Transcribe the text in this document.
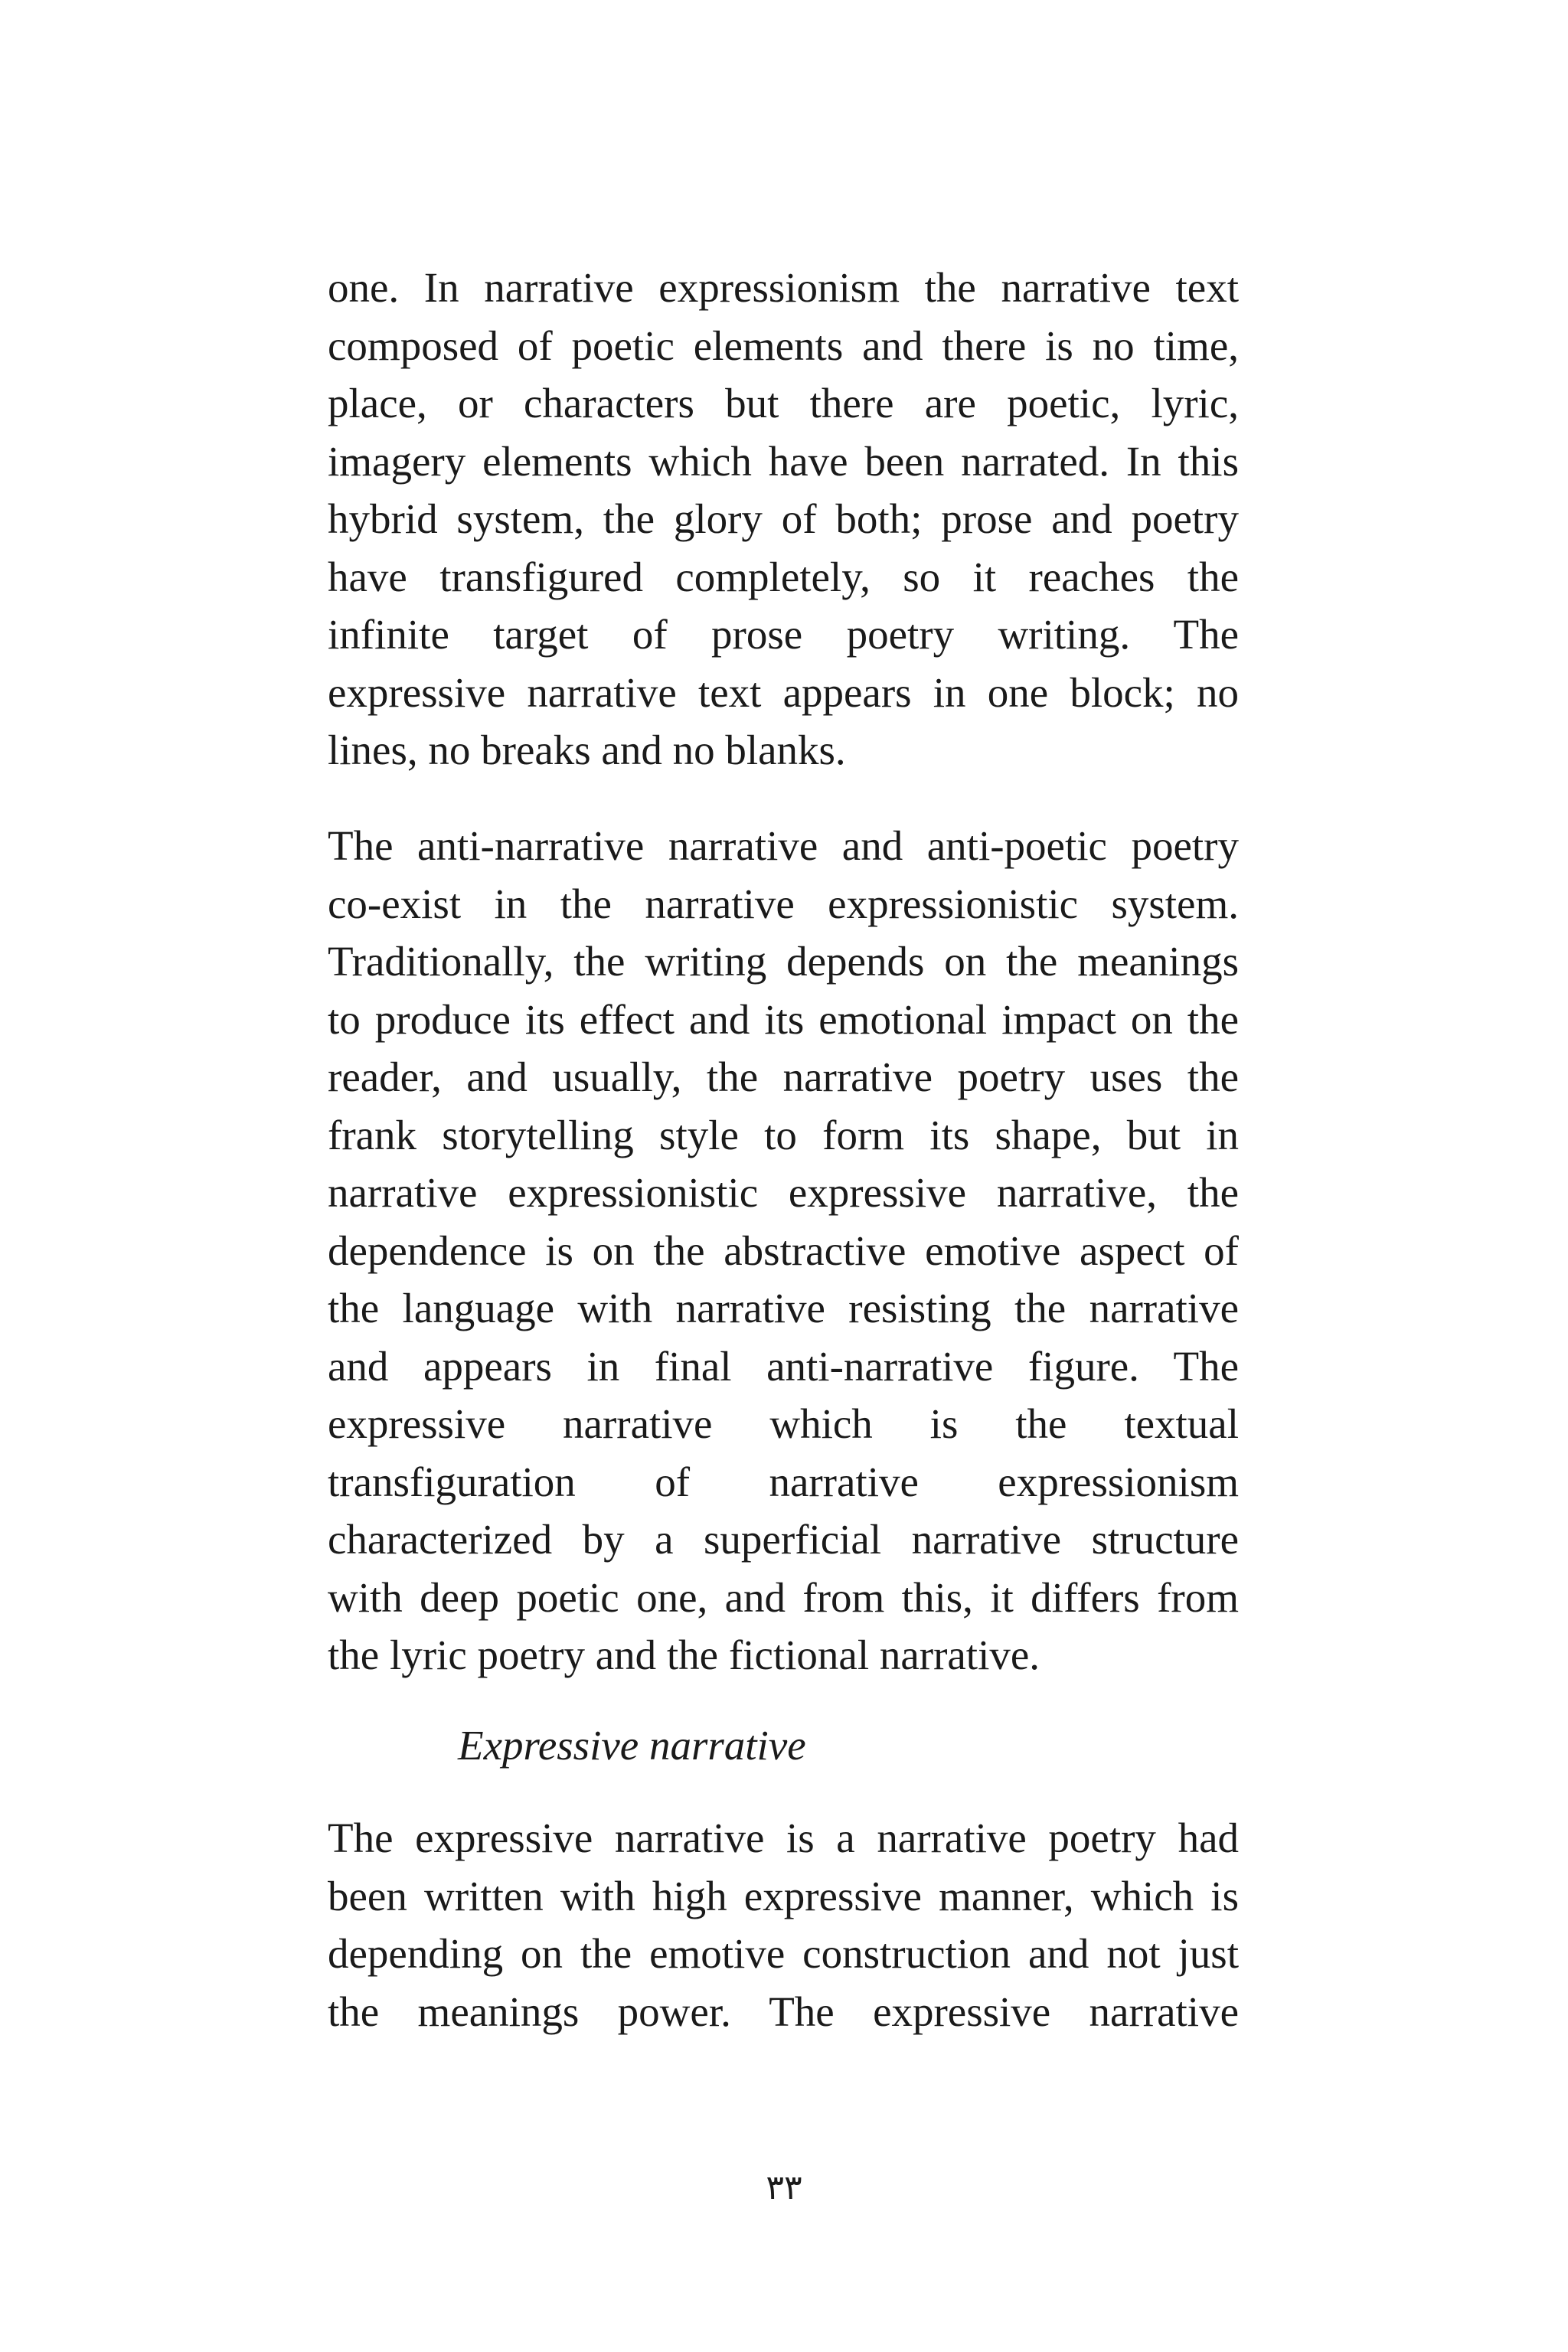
one. In narrative expressionism the narrative text
composed of poetic elements and there is no time,
place, or characters but there are poetic, lyric,
imagery elements which have been narrated. In this
hybrid system, the glory of both; prose and poetry
have transfigured completely, so it reaches the
infinite target of prose poetry writing. The
expressive narrative text appears in one block; no
lines, no breaks and no blanks.
The anti-narrative narrative and anti-poetic poetry
co-exist in the narrative expressionistic system.
Traditionally, the writing depends on the meanings
to produce its effect and its emotional impact on the
reader, and usually, the narrative poetry uses the
frank storytelling style to form its shape, but in
narrative expressionistic expressive narrative, the
dependence is on the abstractive emotive aspect of
the language with narrative resisting the narrative
and appears in final anti-narrative figure. The
expressive narrative which is the textual
transfiguration of narrative expressionism
characterized by a superficial narrative structure
with deep poetic one, and from this, it differs from
the lyric poetry and the fictional narrative.
Expressive narrative
The expressive narrative is a narrative poetry had
been written with high expressive manner, which is
depending on the emotive construction and not just
the meanings power. The expressive narrative
٣٣
